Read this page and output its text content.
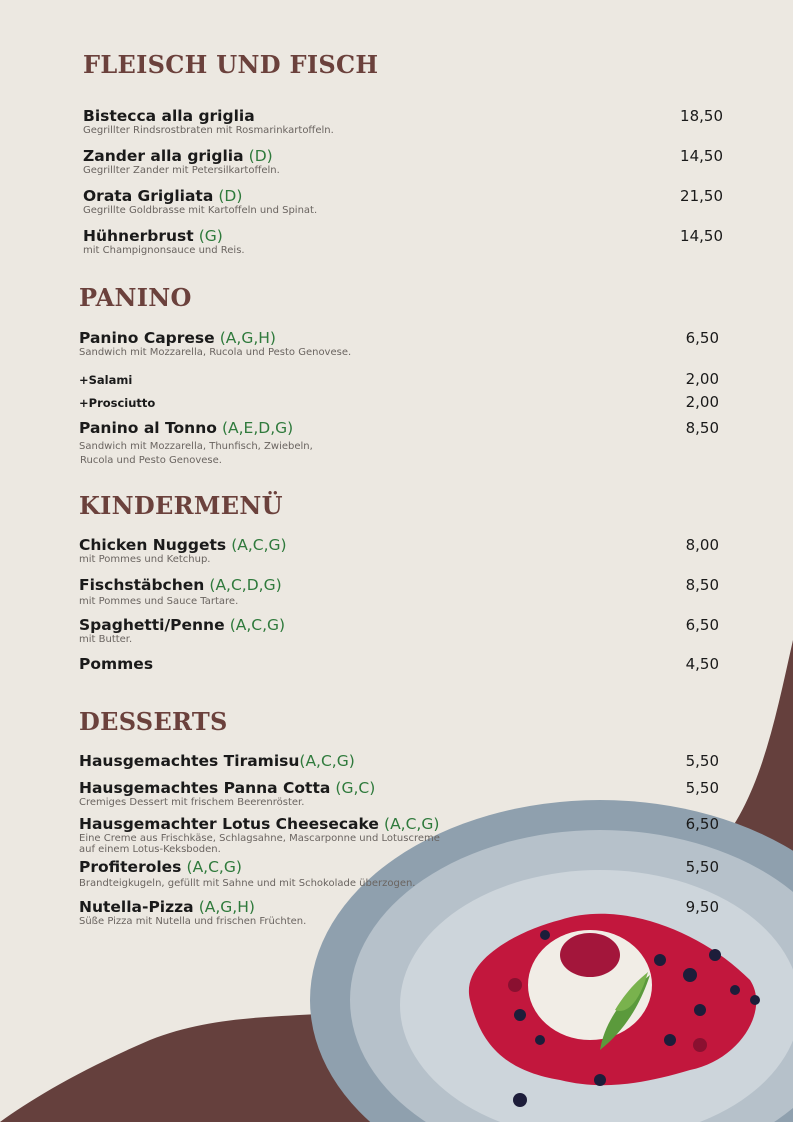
FLEISCH UND FISCH
Bistecca alla griglia	18,50
Gegrillter Rindsrostbraten mit Rosmarinkartoffeln.
Zander alla griglia (D)	14,50
Gegrillter Zander mit Petersilkartoffeln.
Orata Grigliata (D)	21,50
Gegrillte Goldbrasse mit Kartoffeln und Spinat.
Hühnerbrust (G)	14,50
mit Champignonsauce und Reis.
PANINO
Panino Caprese (A,G,H)	6,50
Sandwich mit Mozzarella, Rucola und Pesto Genovese.
+Salami	2,00
+Prosciutto	2,00
Panino al Tonno (A,E,D,G)	8,50
Sandwich mit Mozzarella, Thunfisch, Zwiebeln,
Rucola und Pesto Genovese.
KINDERMENÜ
Chicken Nuggets (A,C,G)	8,00
mit Pommes und Ketchup.
Fischstäbchen (A,C,D,G)	8,50
mit Pommes und Sauce Tartare.
Spaghetti/Penne (A,C,G)	6,50
mit Butter.
Pommes	4,50
DESSERTS
Hausgemachtes Tiramisu(A,C,G)	5,50
Hausgemachtes Panna Cotta (G,C)	5,50
Cremiges Dessert mit frischem Beerenröster.
Hausgemachter Lotus Cheesecake (A,C,G)	6,50
Eine Creme aus Frischkäse, Schlagsahne, Mascarponne und Lotuscreme
auf einem Lotus-Keksboden.
Profiteroles (A,C,G)	5,50
Brandteigkugeln, gefüllt mit Sahne und mit Schokolade überzogen.
Nutella-Pizza (A,G,H)	9,50
Süße Pizza mit Nutella und frischen Früchten.
